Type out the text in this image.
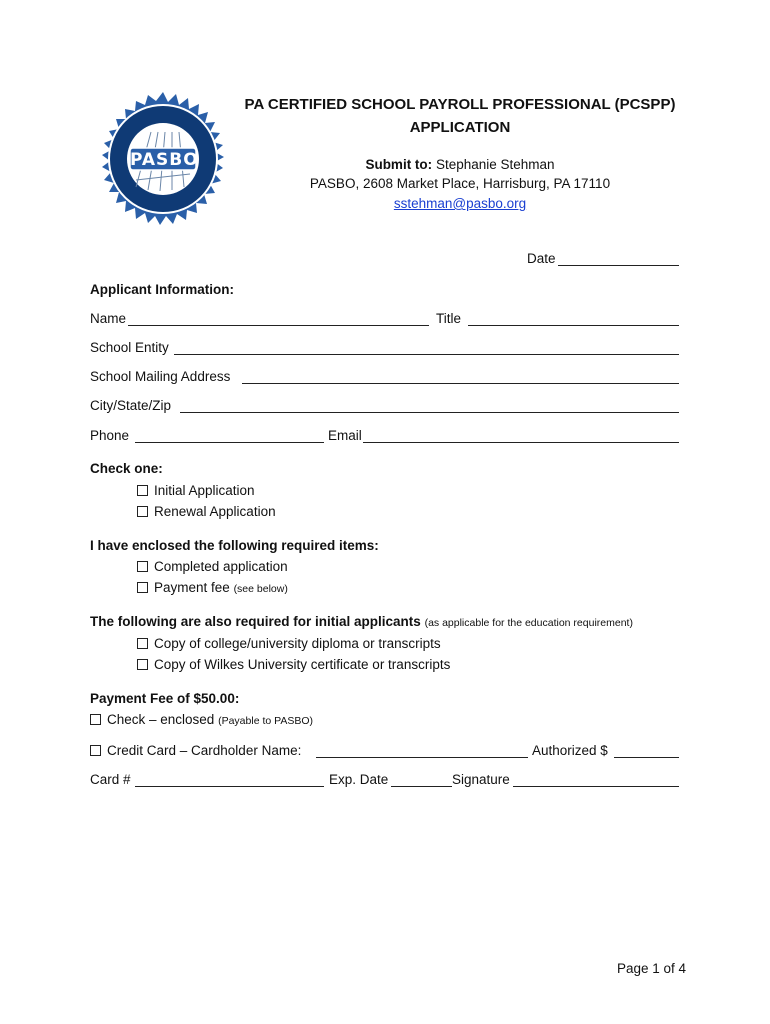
PASBO
PA CERTIFIED SCHOOL PAYROLL PROFESSIONAL (PCSPP)
APPLICATION
Submit to: Stephanie Stehman
PASBO, 2608 Market Place, Harrisburg, PA 17110
sstehman@pasbo.org
Date
Applicant Information:
Name	Title
School Entity
School Mailing Address
City/State/Zip
Phone	Email
Check one:
Initial Application
Renewal Application
I have enclosed the following required items:
Completed application
Payment fee (see below)
The following are also required for initial applicants (as applicable for the education requirement)
Copy of college/university diploma or transcripts
Copy of Wilkes University certificate or transcripts
Payment Fee of $50.00:
Check – enclosed (Payable to PASBO)
Credit Card – Cardholder Name:	Authorized $
Card #	Exp. Date	Signature
Page 1 of 4
